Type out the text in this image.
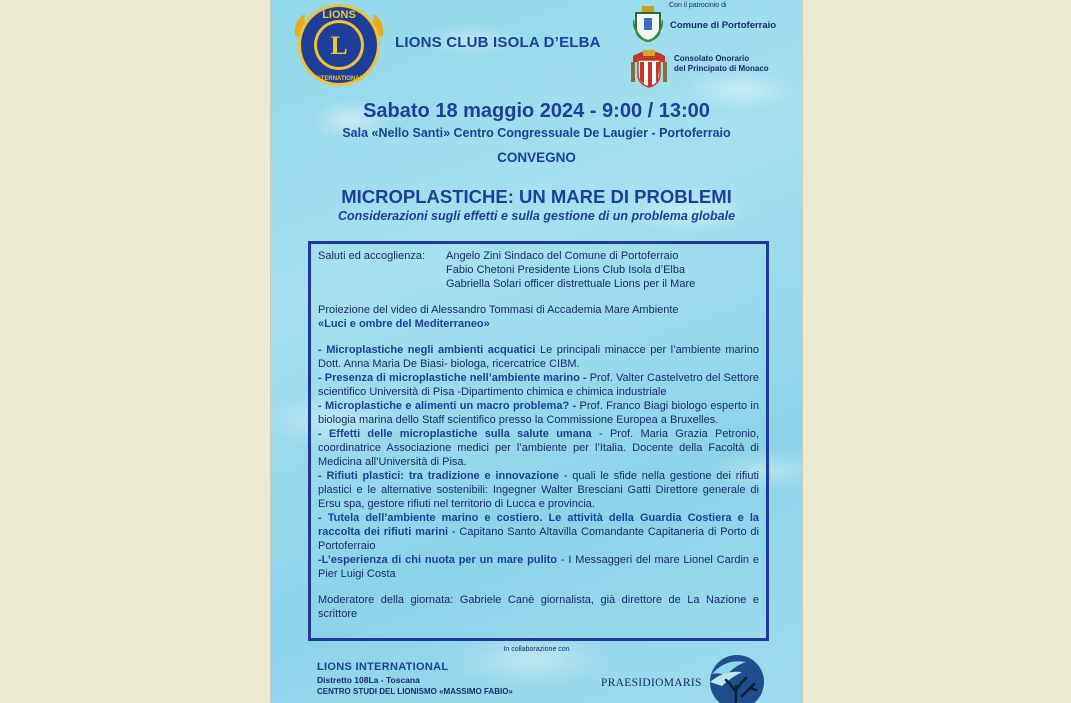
LIONS
L
INTERNATIONAL
LIONS CLUB ISOLA D’ELBA
Con il patrocinio di
Comune di Portoferraio
Consolato Onorario
del Principato di Monaco
Sabato 18 maggio 2024 - 9:00 / 13:00
Sala «Nello Santi» Centro Congressuale De Laugier - Portoferraio
CONVEGNO
MICROPLASTICHE: UN MARE DI PROBLEMI
Considerazioni sugli effetti e sulla gestione di un problema globale
Saluti ed accoglienza:	Angelo Zini Sindaco del Comune di Portoferraio
Fabio Chetoni Presidente Lions Club Isola d’Elba
Gabriella Solari officer distrettuale Lions per il Mare
Proiezione del video di Alessandro Tommasi di Accademia Mare Ambiente
«Luci e ombre del Mediterraneo»
- Microplastiche negli ambienti acquatici Le principali minacce per l’ambiente marino Dott. Anna Maria De Biasi- biologa, ricercatrice CIBM.
- Presenza di microplastiche nell’ambiente marino - Prof. Valter Castelvetro del Settore scientifico Università di Pisa -Dipartimento chimica e chimica industriale
- Microplastiche e alimenti un macro problema? - Prof. Franco Biagi biologo esperto in biologia marina dello Staff scientifico presso la Commissione Europea a Bruxelles.
- Effetti delle microplastiche sulla salute umana - Prof. Maria Grazia Petronio, coordinatrice Associazione medici per l’ambiente per l’Italia. Docente della Facoltà di Medicina all’Università di Pisa.
- Rifiuti plastici: tra tradizione e innovazione - quali le sfide nella gestione dei rifiuti plastici e le alternative sostenibili: Ingegner Walter Bresciani Gatti Direttore generale di Ersu spa, gestore rifiuti nel territorio di Lucca e provincia.
- Tutela dell’ambiente marino e costiero. Le attività della Guardia Costiera e la raccolta dei rifiuti marini - Capitano Santo Altavilla Comandante Capitaneria di Porto di Portoferraio
-L’esperienza di chi nuota per un mare pulito - I Messaggeri del mare Lionel Cardin e Pier Luigi Costa
Moderatore della giornata: Gabriele Canè giornalista, già direttore de La Nazione e scrittore
In collaborazione con
LIONS INTERNATIONAL
Distretto 108La - Toscana
CENTRO STUDI DEL LIONISMO «MASSIMO FABIO»
PRAESIDIOMARIS
